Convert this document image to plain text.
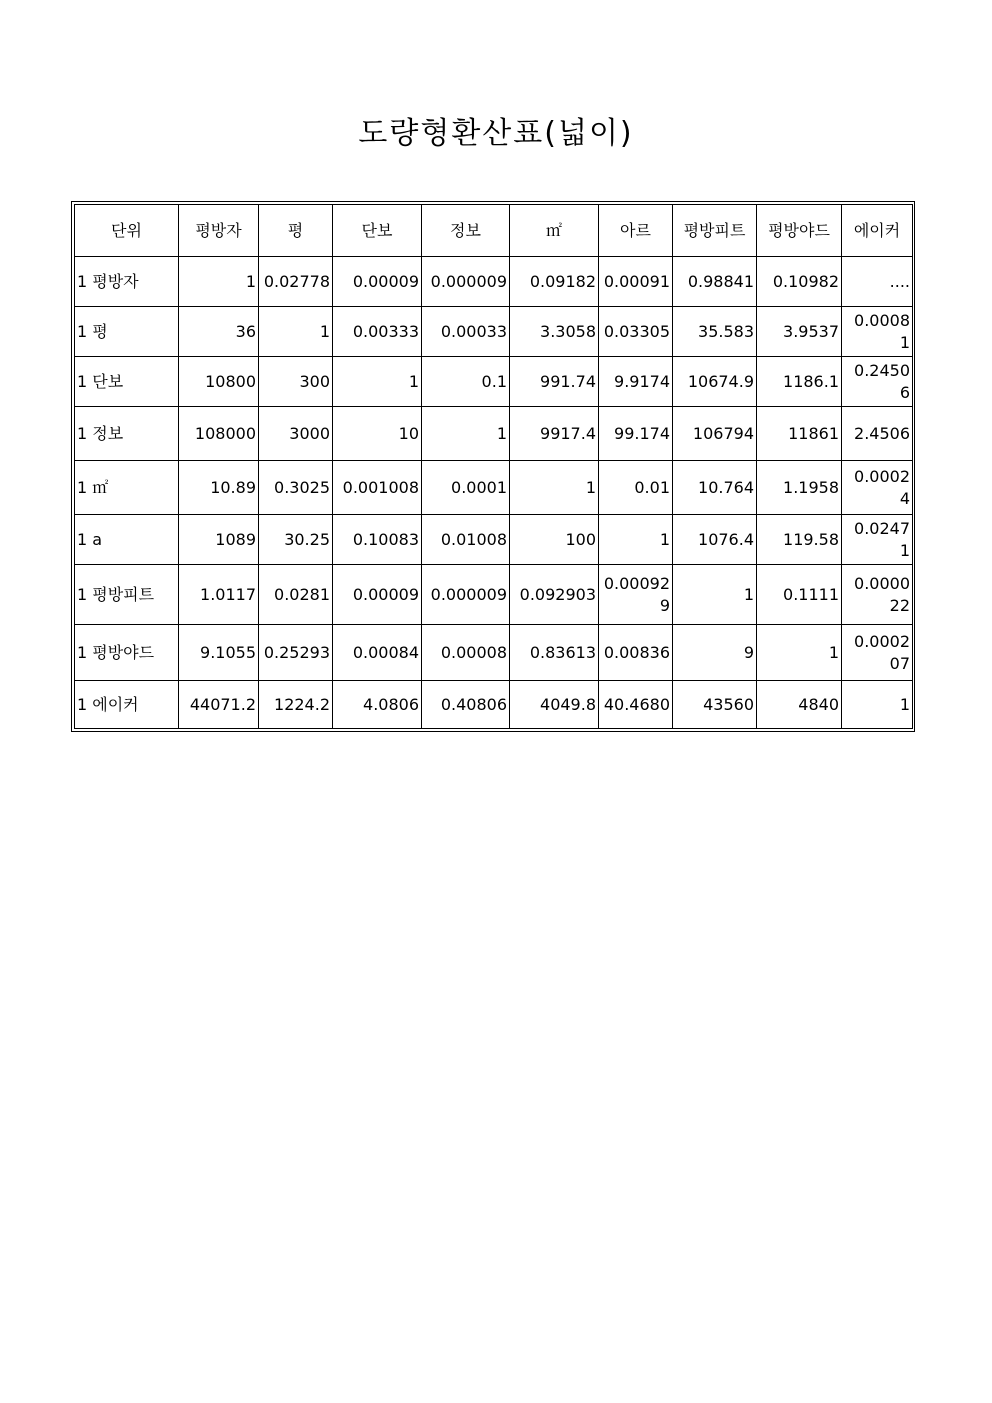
도량형환산표(넓이)
단위	평방자	평	단보	정보	㎡	아르	평방피트	평방야드	에이커
1 평방자	1	0.02778	0.00009	0.000009	0.09182	0.00091	0.98841	0.10982	....
1 평	36	1	0.00333	0.00033	3.3058	0.03305	35.583	3.9537	0.00081
1 단보	10800	300	1	0.1	991.74	9.9174	10674.9	1186.1	0.24506
1 정보	108000	3000	10	1	9917.4	99.174	106794	11861	2.4506
1 ㎡	10.89	0.3025	0.001008	0.0001	1	0.01	10.764	1.1958	0.00024
1 a	1089	30.25	0.10083	0.01008	100	1	1076.4	119.58	0.02471
1 평방피트	1.0117	0.0281	0.00009	0.000009	0.092903	0.000929	1	0.1111	0.000022
1 평방야드	9.1055	0.25293	0.00084	0.00008	0.83613	0.00836	9	1	0.000207
1 에이커	44071.2	1224.2	4.0806	0.40806	4049.8	40.4680	43560	4840	1
